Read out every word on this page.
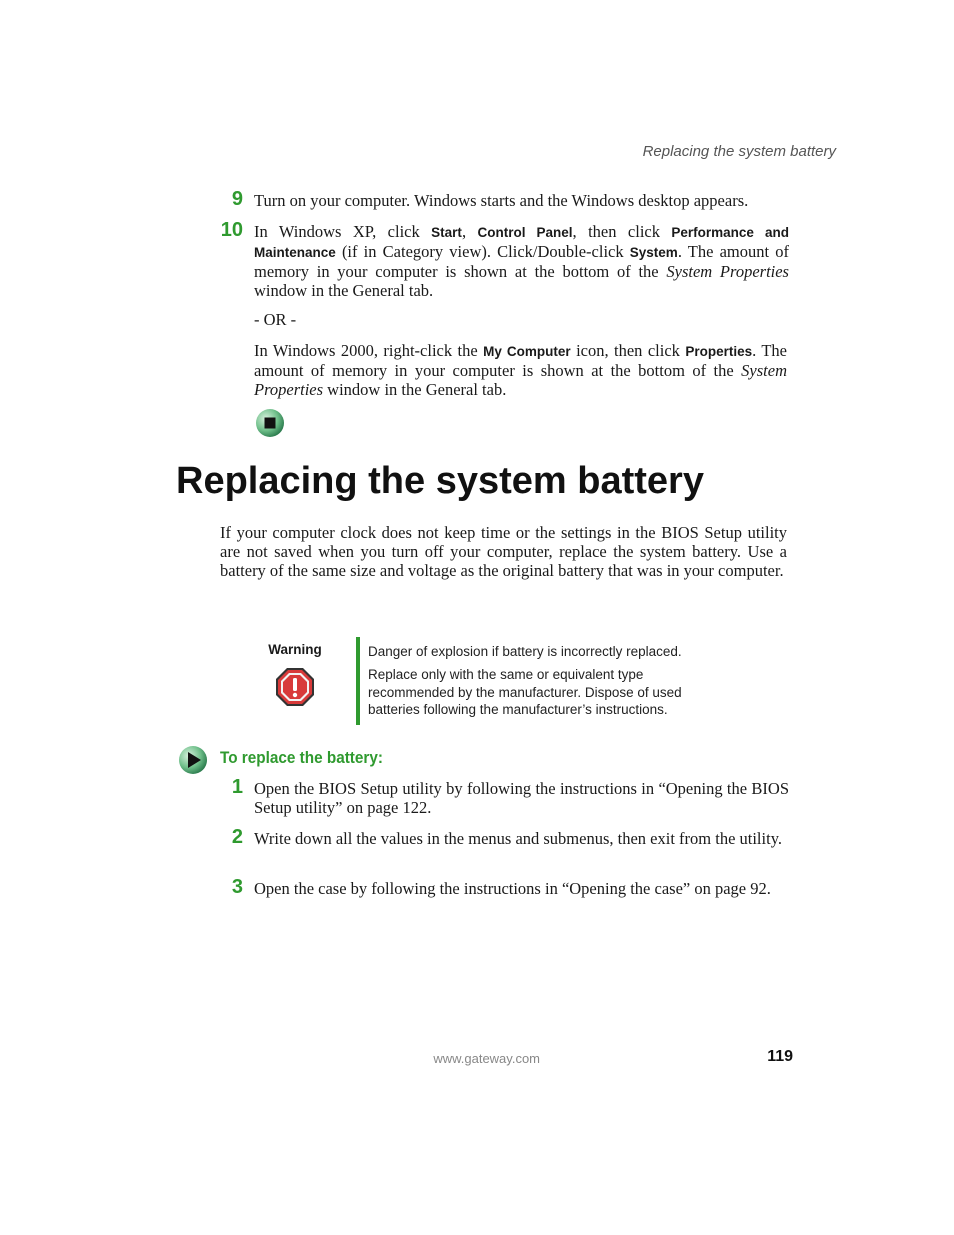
Replacing the system battery
9 Turn on your computer. Windows starts and the Windows desktop appears.
10 In Windows XP, click Start, Control Panel, then click Performance and Maintenance (if in Category view). Click/Double-click System. The amount of memory in your computer is shown at the bottom of the System Properties window in the General tab.
- OR -
In Windows 2000, right-click the My Computer icon, then click Properties. The amount of memory in your computer is shown at the bottom of the System Properties window in the General tab.
Replacing the system battery
If your computer clock does not keep time or the settings in the BIOS Setup utility are not saved when you turn off your computer, replace the system battery. Use a battery of the same size and voltage as the original battery that was in your computer.
Warning	Danger of explosion if battery is incorrectly replaced.
Replace only with the same or equivalent type recommended by the manufacturer. Dispose of used batteries following the manufacturer’s instructions.
To replace the battery:
1 Open the BIOS Setup utility by following the instructions in “Opening the BIOS Setup utility” on page 122.
2 Write down all the values in the menus and submenus, then exit from the utility.
3 Open the case by following the instructions in “Opening the case” on page 92.
www.gateway.com	119
